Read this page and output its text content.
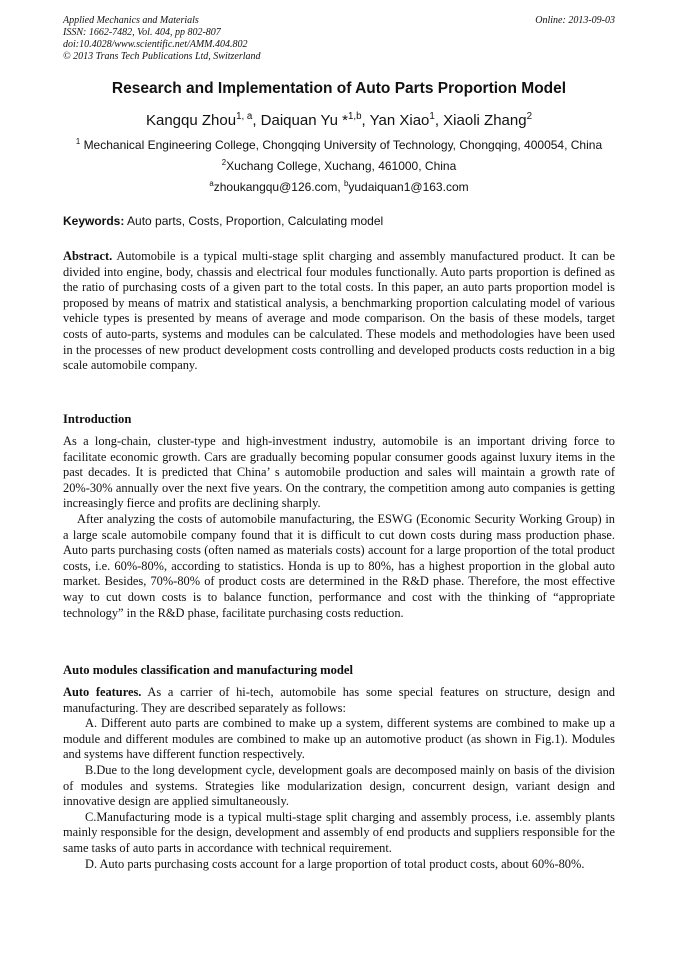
Applied Mechanics and Materials
ISSN: 1662-7482, Vol. 404, pp 802-807
doi:10.4028/www.scientific.net/AMM.404.802
© 2013 Trans Tech Publications Ltd, Switzerland
Online: 2013-09-03
Research and Implementation of Auto Parts Proportion Model
Kangqu Zhou$^{1, a}$, Daiquan Yu *$^{1,b}$, Yan Xiao$^1$, Xiaoli Zhang$^2$
$^1$ Mechanical Engineering College, Chongqing University of Technology, Chongqing, 400054, China
$^2$Xuchang College, Xuchang, 461000, China
$^a$zhoukangqu@126.com, $^b$yudaiquan1@163.com
Keywords: Auto parts, Costs, Proportion, Calculating model

Abstract. Automobile is a typical multi-stage split charging and assembly manufactured product. It can be divided into engine, body, chassis and electrical four modules functionally. Auto parts proportion is defined as the ratio of purchasing costs of a given part to the total costs. In this paper, an auto parts proportion model is proposed by means of matrix and statistical analysis, a benchmarking proportion calculating model of various vehicle types is presented by means of average and mode comparison. On the basis of these models, target costs of auto-parts, systems and modules can be calculated. These models and methodologies have been used in the processes of new product development costs controlling and developed products costs reduction in a big scale automobile company.

Introduction

As a long-chain, cluster-type and high-investment industry, automobile is an important driving force to facilitate economic growth. Cars are gradually becoming popular consumer goods against luxury items in the past decades. It is predicted that China’ s automobile production and sales will maintain a growth rate of 20%-30% annually over the next five years. On the contrary, the competition among auto companies is getting increasingly fierce and profits are declining sharply.

After analyzing the costs of automobile manufacturing, the ESWG (Economic Security Working Group) in a large scale automobile company found that it is difficult to cut down costs during mass production phase. Auto parts purchasing costs (often named as materials costs) account for a large proportion of the total product costs, i.e. 60%-80%, according to statistics. Honda is up to 80%, has a highest proportion in the global auto market. Besides, 70%-80% of product costs are determined in the R&D phase. Therefore, the most effective way to cut down costs is to balance function, performance and cost with the thinking of “appropriate technology” in the R&D phase, facilitate purchasing costs reduction.

Auto modules classification and manufacturing model

Auto features. As a carrier of hi-tech, automobile has some special features on structure, design and manufacturing. They are described separately as follows:

A. Different auto parts are combined to make up a system, different systems are combined to make up a module and different modules are combined to make up an automotive product (as shown in Fig.1). Modules and systems have different function respectively.

B.Due to the long development cycle, development goals are decomposed mainly on basis of the division of modules and systems. Strategies like modularization design, concurrent design, variant design and innovative design are applied simultaneously.

C.Manufacturing mode is a typical multi-stage split charging and assembly process, i.e. assembly plants mainly responsible for the design, development and assembly of end products and suppliers responsible for the same tasks of auto parts in accordance with technical requirement.

D. Auto parts purchasing costs account for a large proportion of total product costs, about 60%-80%.
